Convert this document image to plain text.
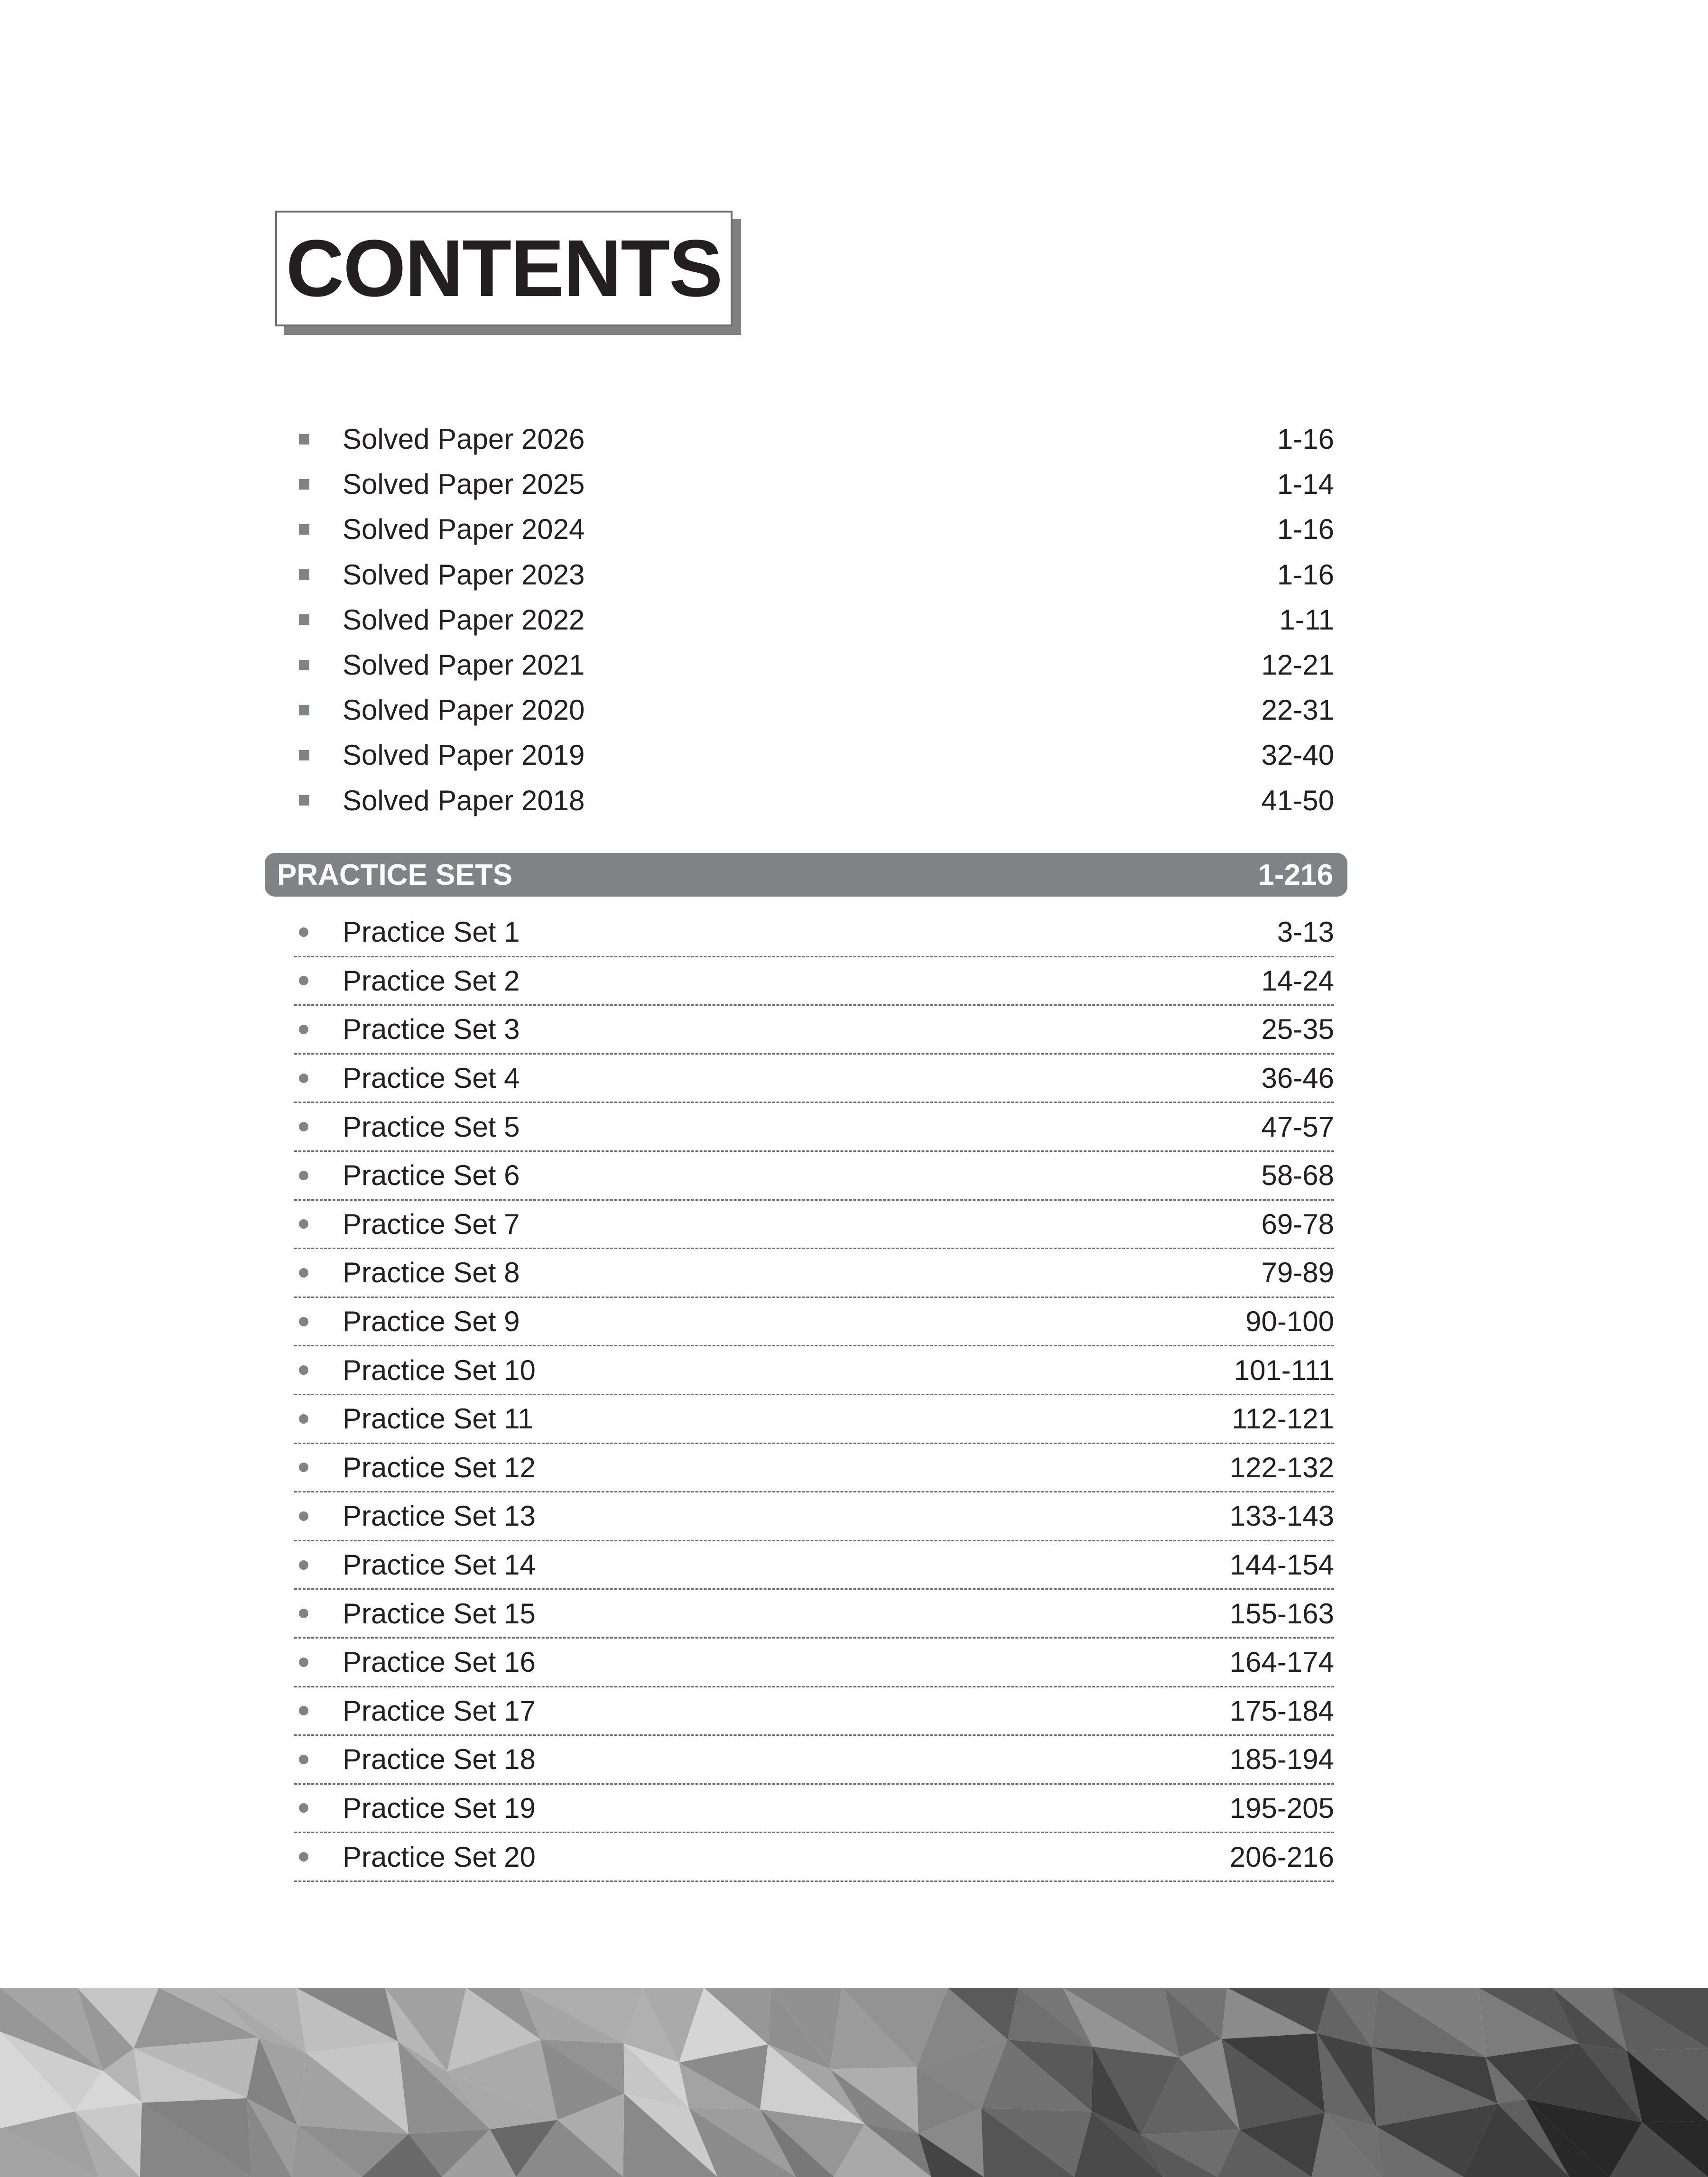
CONTENTS
Solved Paper 2026	1-16
Solved Paper 2025	1-14
Solved Paper 2024	1-16
Solved Paper 2023	1-16
Solved Paper 2022	1-11
Solved Paper 2021	12-21
Solved Paper 2020	22-31
Solved Paper 2019	32-40
Solved Paper 2018	41-50
PRACTICE SETS	1-216
Practice Set 1	3-13
Practice Set 2	14-24
Practice Set 3	25-35
Practice Set 4	36-46
Practice Set 5	47-57
Practice Set 6	58-68
Practice Set 7	69-78
Practice Set 8	79-89
Practice Set 9	90-100
Practice Set 10	101-111
Practice Set 11	112-121
Practice Set 12	122-132
Practice Set 13	133-143
Practice Set 14	144-154
Practice Set 15	155-163
Practice Set 16	164-174
Practice Set 17	175-184
Practice Set 18	185-194
Practice Set 19	195-205
Practice Set 20	206-216
